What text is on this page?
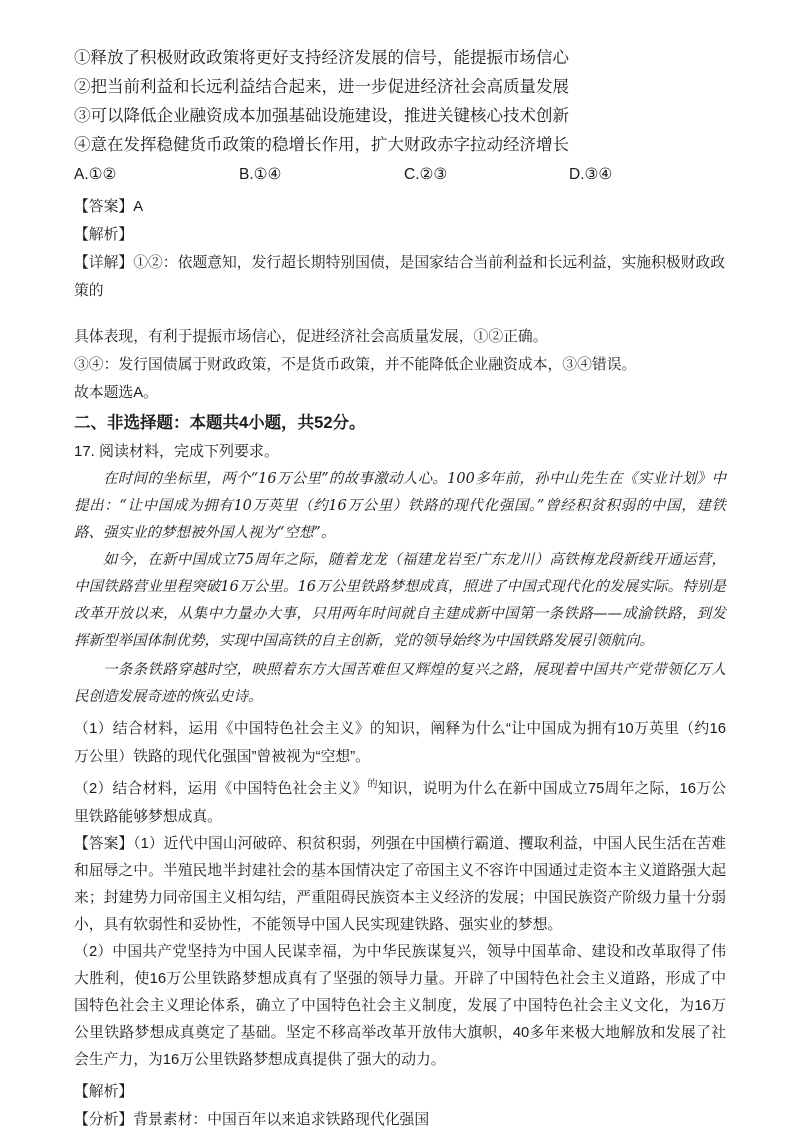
①释放了积极财政政策将更好支持经济发展的信号，能提振市场信心

②把当前利益和长远利益结合起来，进一步促进经济社会高质量发展

③可以降低企业融资成本加强基础设施建设，推进关键核心技术创新

④意在发挥稳健货币政策的稳增长作用，扩大财政赤字拉动经济增长

A.①②	B.①④	C.②③	D.③④

【答案】A

【解析】

【详解】①②：依题意知，发行超长期特别国债，是国家结合当前利益和长远利益，实施积极财政政策的

具体表现，有利于提振市场信心，促进经济社会高质量发展，①②正确。

③④：发行国债属于财政政策，不是货币政策，并不能降低企业融资成本，③④错误。

故本题选A。

二、非选择题：本题共4小题，共52分。

17. 阅读材料，完成下列要求。

在时间的坐标里，两个“16万公里”的故事激动人心。100多年前，孙中山先生在《实业计划》中提出：“让中国成为拥有10万英里（约16万公里）铁路的现代化强国。”曾经积贫积弱的中国，建铁路、强实业的梦想被外国人视为“空想”。

如今，在新中国成立75周年之际，随着龙龙（福建龙岩至广东龙川）高铁梅龙段新线开通运营，中国铁路营业里程突破16万公里。16万公里铁路梦想成真，照进了中国式现代化的发展实际。特别是改革开放以来，从集中力量办大事，只用两年时间就自主建成新中国第一条铁路——成渝铁路，到发挥新型举国体制优势，实现中国高铁的自主创新，党的领导始终为中国铁路发展引领航向。

一条条铁路穿越时空，映照着东方大国苦难但又辉煌的复兴之路，展现着中国共产党带领亿万人民创造发展奇迹的恢弘史诗。

（1）结合材料，运用《中国特色社会主义》的知识，阐释为什么“让中国成为拥有10万英里（约16万公里）铁路的现代化强国”曾被视为“空想”。

（2）结合材料，运用《中国特色社会主义》$^的$知识，说明为什么在新中国成立75周年之际，16万公里铁路能够梦想成真。

【答案】（1）近代中国山河破碎、积贫积弱，列强在中国横行霸道、攫取利益，中国人民生活在苦难和屈辱之中。半殖民地半封建社会的基本国情决定了帝国主义不容许中国通过走资本主义道路强大起来；封建势力同帝国主义相勾结，严重阻碍民族资本主义经济的发展；中国民族资产阶级力量十分弱小，具有软弱性和妥协性，不能领导中国人民实现建铁路、强实业的梦想。

（2）中国共产党坚持为中国人民谋幸福，为中华民族谋复兴，领导中国革命、建设和改革取得了伟大胜利，使16万公里铁路梦想成真有了坚强的领导力量。开辟了中国特色社会主义道路，形成了中国特色社会主义理论体系，确立了中国特色社会主义制度，发展了中国特色社会主义文化，为16万公里铁路梦想成真奠定了基础。坚定不移高举改革开放伟大旗帜，40多年来极大地解放和发展了社会生产力，为16万公里铁路梦想成真提供了强大的动力。

【解析】

【分析】背景素材：中国百年以来追求铁路现代化强国
